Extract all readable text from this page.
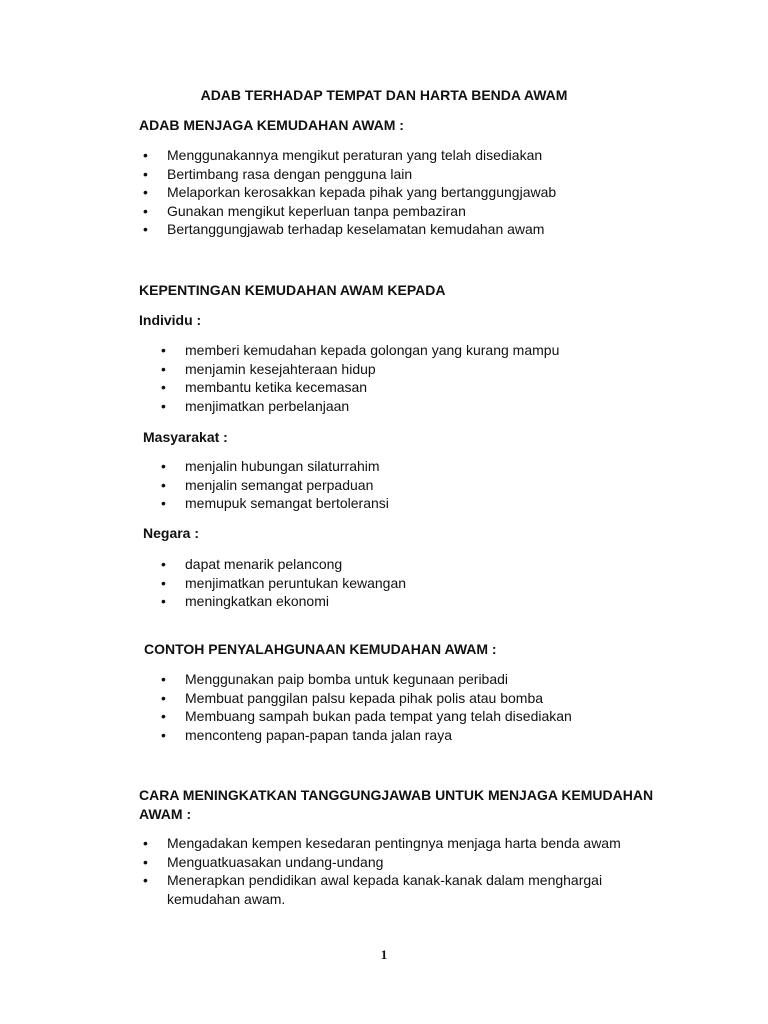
ADAB TERHADAP TEMPAT DAN HARTA BENDA AWAM
ADAB MENJAGA KEMUDAHAN AWAM :
• Menggunakannya mengikut peraturan yang telah disediakan
• Bertimbang rasa dengan pengguna lain
• Melaporkan kerosakkan kepada pihak yang bertanggungjawab
• Gunakan mengikut keperluan tanpa pembaziran
• Bertanggungjawab terhadap keselamatan kemudahan awam
KEPENTINGAN KEMUDAHAN AWAM KEPADA
Individu :
• memberi kemudahan kepada golongan yang kurang mampu
• menjamin kesejahteraan hidup
• membantu ketika kecemasan
• menjimatkan perbelanjaan
Masyarakat :
• menjalin hubungan silaturrahim
• menjalin semangat perpaduan
• memupuk semangat bertoleransi
Negara :
• dapat menarik pelancong
• menjimatkan peruntukan kewangan
• meningkatkan ekonomi
CONTOH PENYALAHGUNAAN KEMUDAHAN AWAM :
• Menggunakan paip bomba untuk kegunaan peribadi
• Membuat panggilan palsu kepada pihak polis atau bomba
• Membuang sampah bukan pada tempat yang telah disediakan
• menconteng papan-papan tanda jalan raya
CARA MENINGKATKAN TANGGUNGJAWAB UNTUK MENJAGA KEMUDAHAN
AWAM :
• Mengadakan kempen kesedaran pentingnya menjaga harta benda awam
• Menguatkuasakan undang-undang
• Menerapkan pendidikan awal kepada kanak-kanak dalam menghargai kemudahan awam.
1
